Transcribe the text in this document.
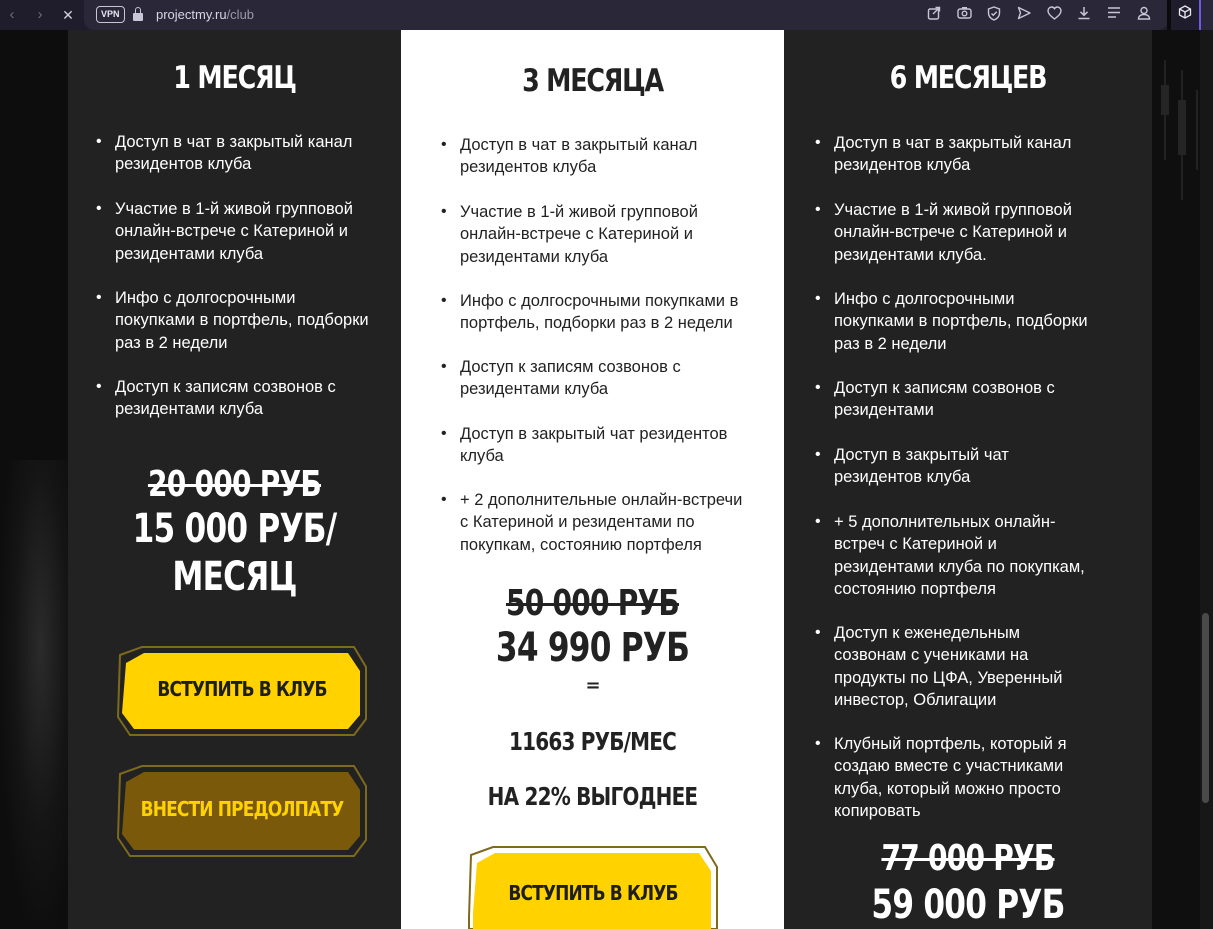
‹	›	✕	VPN	projectmy.ru/club
1 МЕСЯЦ
• Доступ в чат в закрытый канал
резидентов клуба
• Участие в 1-й живой групповой
онлайн-встрече с Катериной и
резидентами клуба
• Инфо с долгосрочными
покупками в портфель, подборки
раз в 2 недели
• Доступ к записям созвонов с
резидентами клуба
20 000 РУБ
15 000 РУБ/
МЕСЯЦ
ВСТУПИТЬ В КЛУБ
ВНЕСТИ ПРЕДОЛПАТУ
3 МЕСЯЦА
• Доступ в чат в закрытый канал
резидентов клуба
• Участие в 1-й живой групповой
онлайн-встрече с Катериной и
резидентами клуба
• Инфо с долгосрочными покупками в
портфель, подборки раз в 2 недели
• Доступ к записям созвонов с
резидентами клуба
• Доступ в закрытый чат резидентов
клуба
• + 2 дополнительные онлайн-встречи
с Катериной и резидентами по
покупкам, состоянию портфеля
50 000 РУБ
34 990 РУБ
=
11663 РУБ/МЕС
НА 22% ВЫГОДНЕЕ
ВСТУПИТЬ В КЛУБ
6 МЕСЯЦЕВ
• Доступ в чат в закрытый канал
резидентов клуба
• Участие в 1-й живой групповой
онлайн-встрече с Катериной и
резидентами клуба.
• Инфо с долгосрочными
покупками в портфель, подборки
раз в 2 недели
• Доступ к записям созвонов с
резидентами
• Доступ в закрытый чат
резидентов клуба
• + 5 дополнительных онлайн-
встреч с Катериной и
резидентами клуба по покупкам,
состоянию портфеля
• Доступ к еженедельным
созвонам с учениками на
продукты по ЦФА, Уверенный
инвестор, Облигации
• Клубный портфель, который я
создаю вместе с участниками
клуба, который можно просто
копировать
77 000 РУБ
59 000 РУБ
